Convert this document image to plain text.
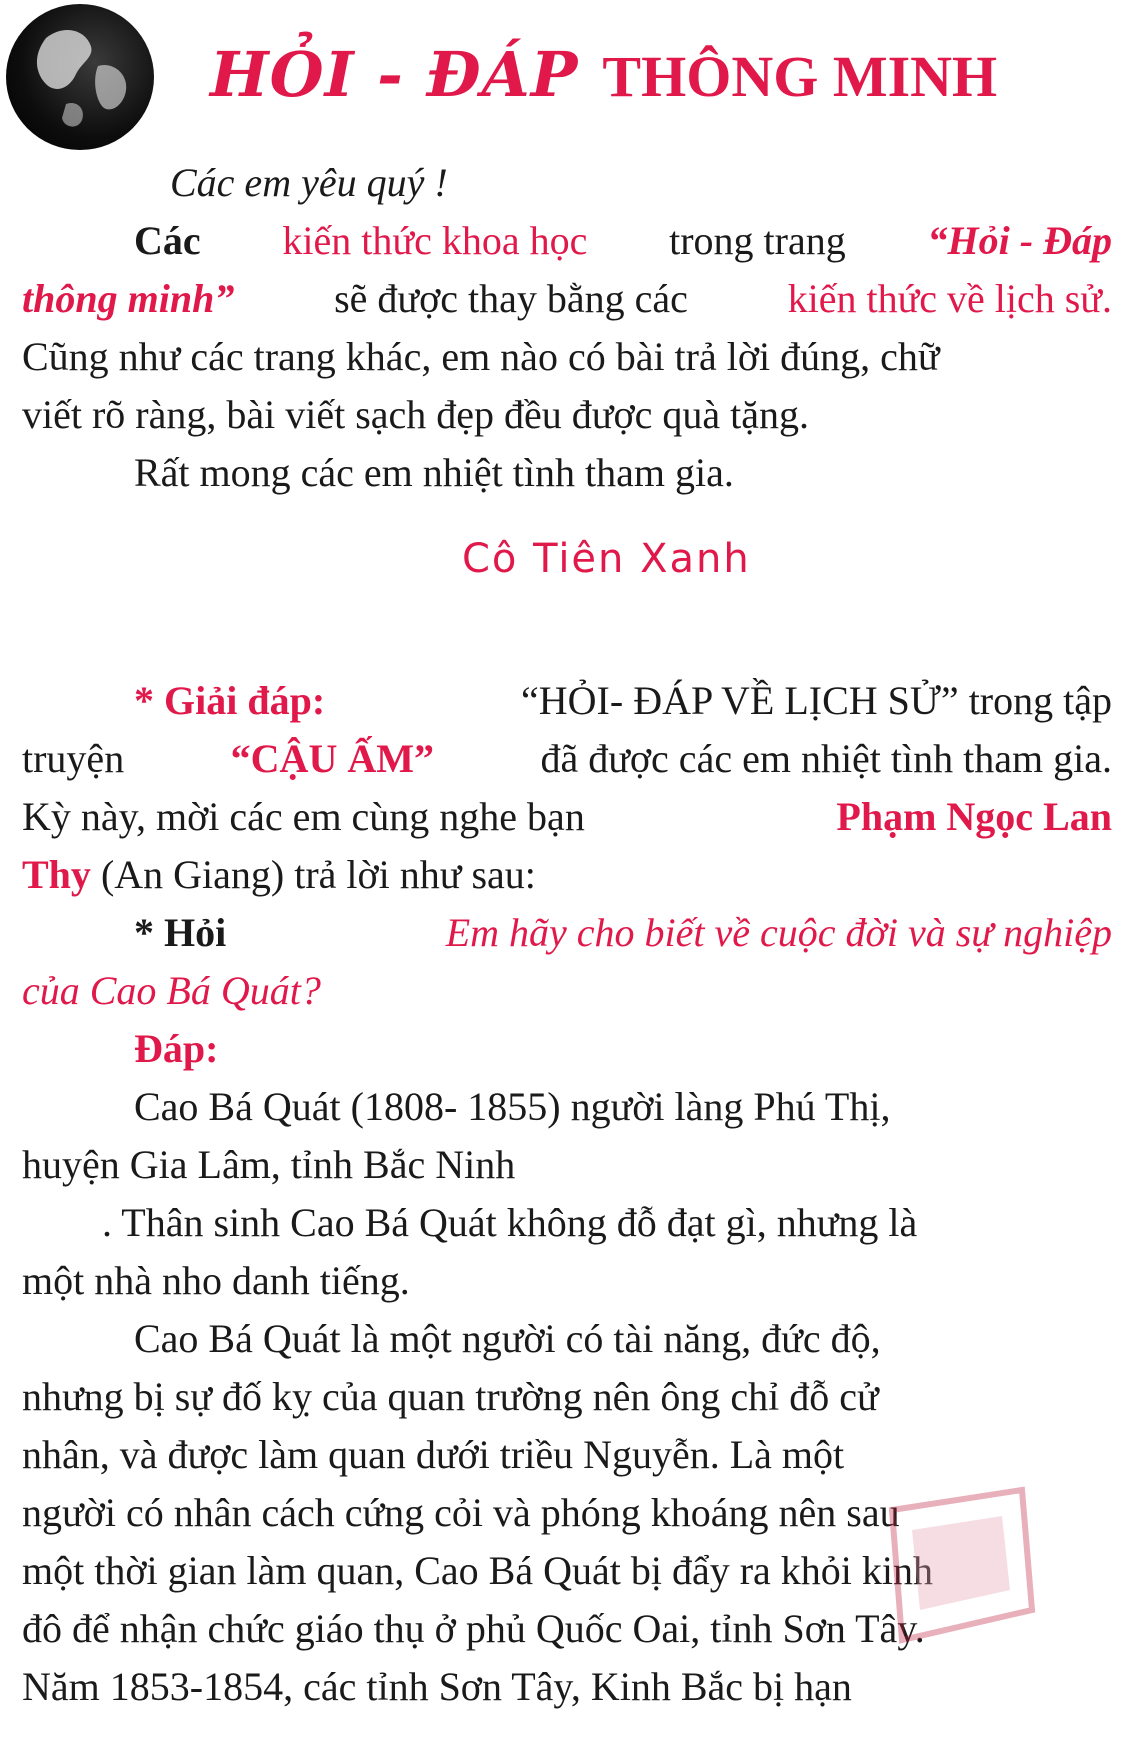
HỎI - ĐÁP THÔNG MINH
Các em yêu quý !
Các kiến thức khoa học trong trang “Hỏi - Đáp
thông minh” sẽ được thay bằng các kiến thức về lịch sử.
Cũng như các trang khác, em nào có bài trả lời đúng, chữ
viết rõ ràng, bài viết sạch đẹp đều được quà tặng.
Rất mong các em nhiệt tình tham gia.
Cô Tiên Xanh
* Giải đáp:	“HỎI- ĐÁP VỀ LỊCH SỬ” trong tập
truyện	“CẬU ẤM”	đã được các em nhiệt tình tham gia.
Kỳ này, mời các em cùng nghe bạn	Phạm Ngọc Lan
Thy (An Giang) trả lời như sau:
* Hỏi	Em hãy cho biết về cuộc đời và sự nghiệp
của Cao Bá Quát?
Đáp:
Cao Bá Quát (1808- 1855) người làng Phú Thị,
huyện Gia Lâm, tỉnh Bắc Ninh
. Thân sinh Cao Bá Quát không đỗ đạt gì, nhưng là
một nhà nho danh tiếng.
Cao Bá Quát là một người có tài năng, đức độ,
nhưng bị sự đố kỵ của quan trường nên ông chỉ đỗ cử
nhân, và được làm quan dưới triều Nguyễn. Là một
người có nhân cách cứng cỏi và phóng khoáng nên sau
một thời gian làm quan, Cao Bá Quát bị đẩy ra khỏi kinh
đô để nhận chức giáo thụ ở phủ Quốc Oai, tỉnh Sơn Tây.
Năm 1853-1854, các tỉnh Sơn Tây, Kinh Bắc bị hạn
